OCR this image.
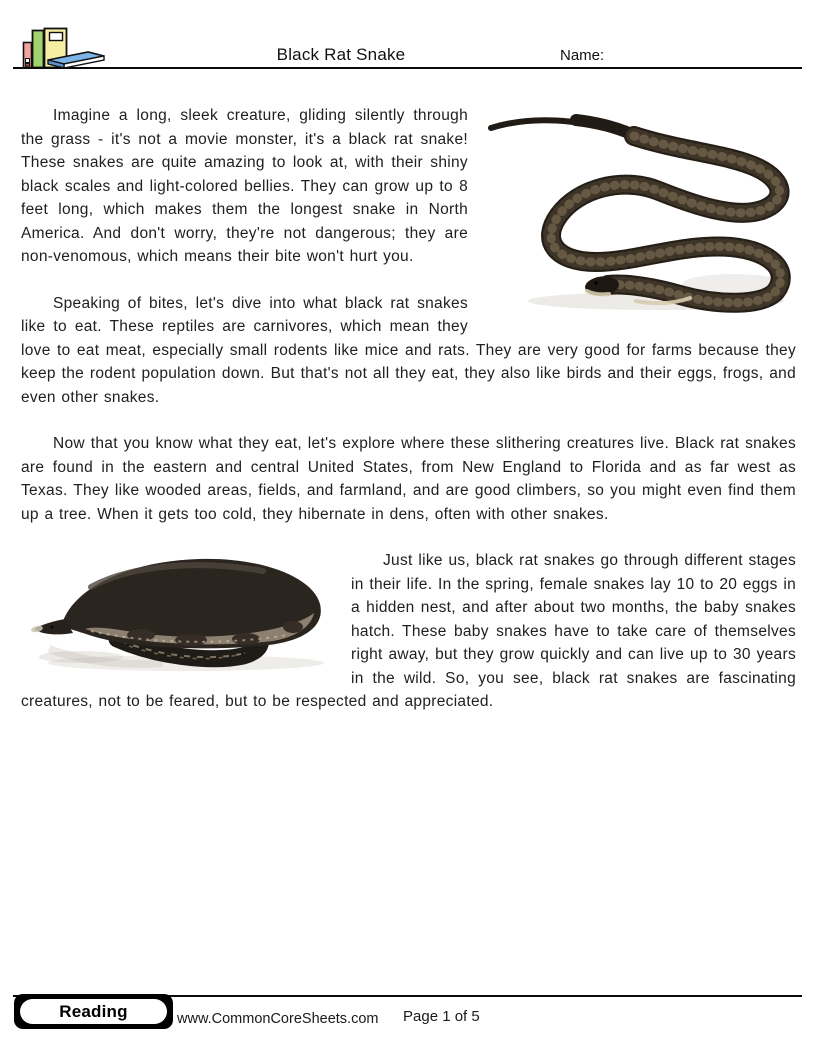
Black Rat Snake	Name:

Imagine a long, sleek creature, gliding silently through the grass - it's not a movie monster, it's a black rat snake! These snakes are quite amazing to look at, with their shiny black scales and light-colored bellies. They can grow up to 8 feet long, which makes them the longest snake in North America. And don't worry, they're not dangerous; they are non-venomous, which means their bite won't hurt you.

Speaking of bites, let's dive into what black rat snakes like to eat. These reptiles are carnivores, which mean they love to eat meat, especially small rodents like mice and rats. They are very good for farms because they keep the rodent population down. But that's not all they eat, they also like birds and their eggs, frogs, and even other snakes.

Now that you know what they eat, let's explore where these slithering creatures live. Black rat snakes are found in the eastern and central United States, from New England to Florida and as far west as Texas. They like wooded areas, fields, and farmland, and are good climbers, so you might even find them up a tree. When it gets too cold, they hibernate in dens, often with other snakes.

Just like us, black rat snakes go through different stages in their life. In the spring, female snakes lay 10 to 20 eggs in a hidden nest, and after about two months, the baby snakes hatch. These baby snakes have to take care of themselves right away, but they grow quickly and can live up to 30 years in the wild. So, you see, black rat snakes are fascinating creatures, not to be feared, but to be respected and appreciated.

Reading	www.CommonCoreSheets.com Page 1 of 5
